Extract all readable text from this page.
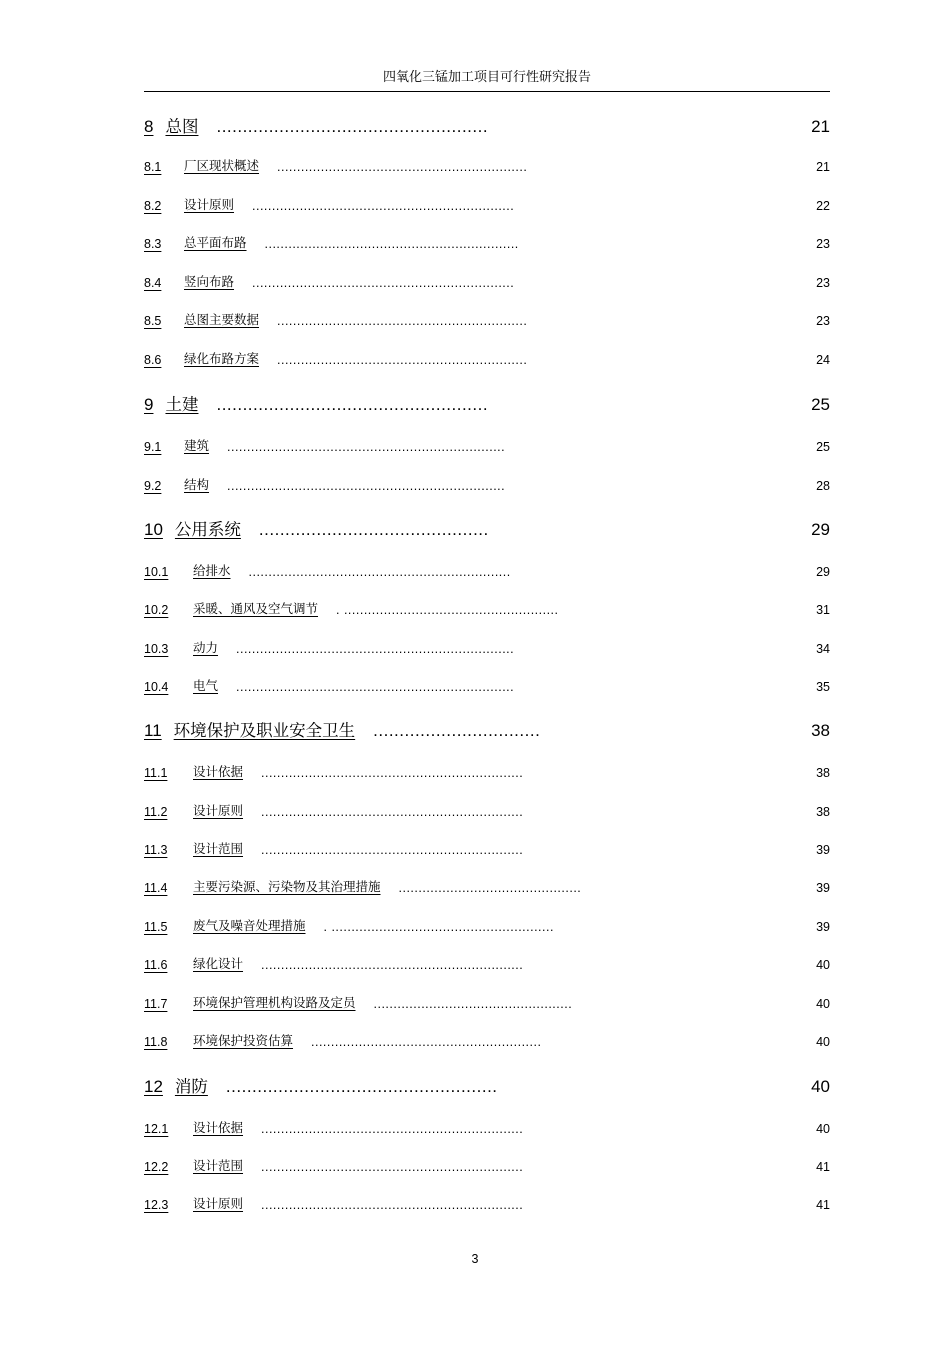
四氧化三锰加工项目可行性研究报告
8 总图	....................................................	21
8.1	厂区现状概述	...............................................................	21
8.2	设计原则	..................................................................	22
8.3	总平面布路	................................................................	23
8.4	竖向布路	..................................................................	23
8.5	总图主要数据	...............................................................	23
8.6	绿化布路方案	...............................................................	24
9 土建	....................................................	25
9.1	建筑	......................................................................	25
9.2	结构	......................................................................	28
10 公用系统	............................................	29
10.1	给排水	..................................................................	29
10.2	采暖、通风及空气调节	. ......................................................	31
10.3	动力	......................................................................	34
10.4	电气	......................................................................	35
11 环境保护及职业安全卫生	................................	38
11.1	设计依据	..................................................................	38
11.2	设计原则	..................................................................	38
11.3	设计范围	..................................................................	39
11.4	主要污染源、污染物及其治理措施	..............................................	39
11.5	废气及噪音处理措施	. ........................................................	39
11.6	绿化设计	..................................................................	40
11.7	环境保护管理机构设路及定员	..................................................	40
11.8	环境保护投资估算	..........................................................	40
12 消防	....................................................	40
12.1	设计依据	..................................................................	40
12.2	设计范围	..................................................................	41
12.3	设计原则	..................................................................	41
3
